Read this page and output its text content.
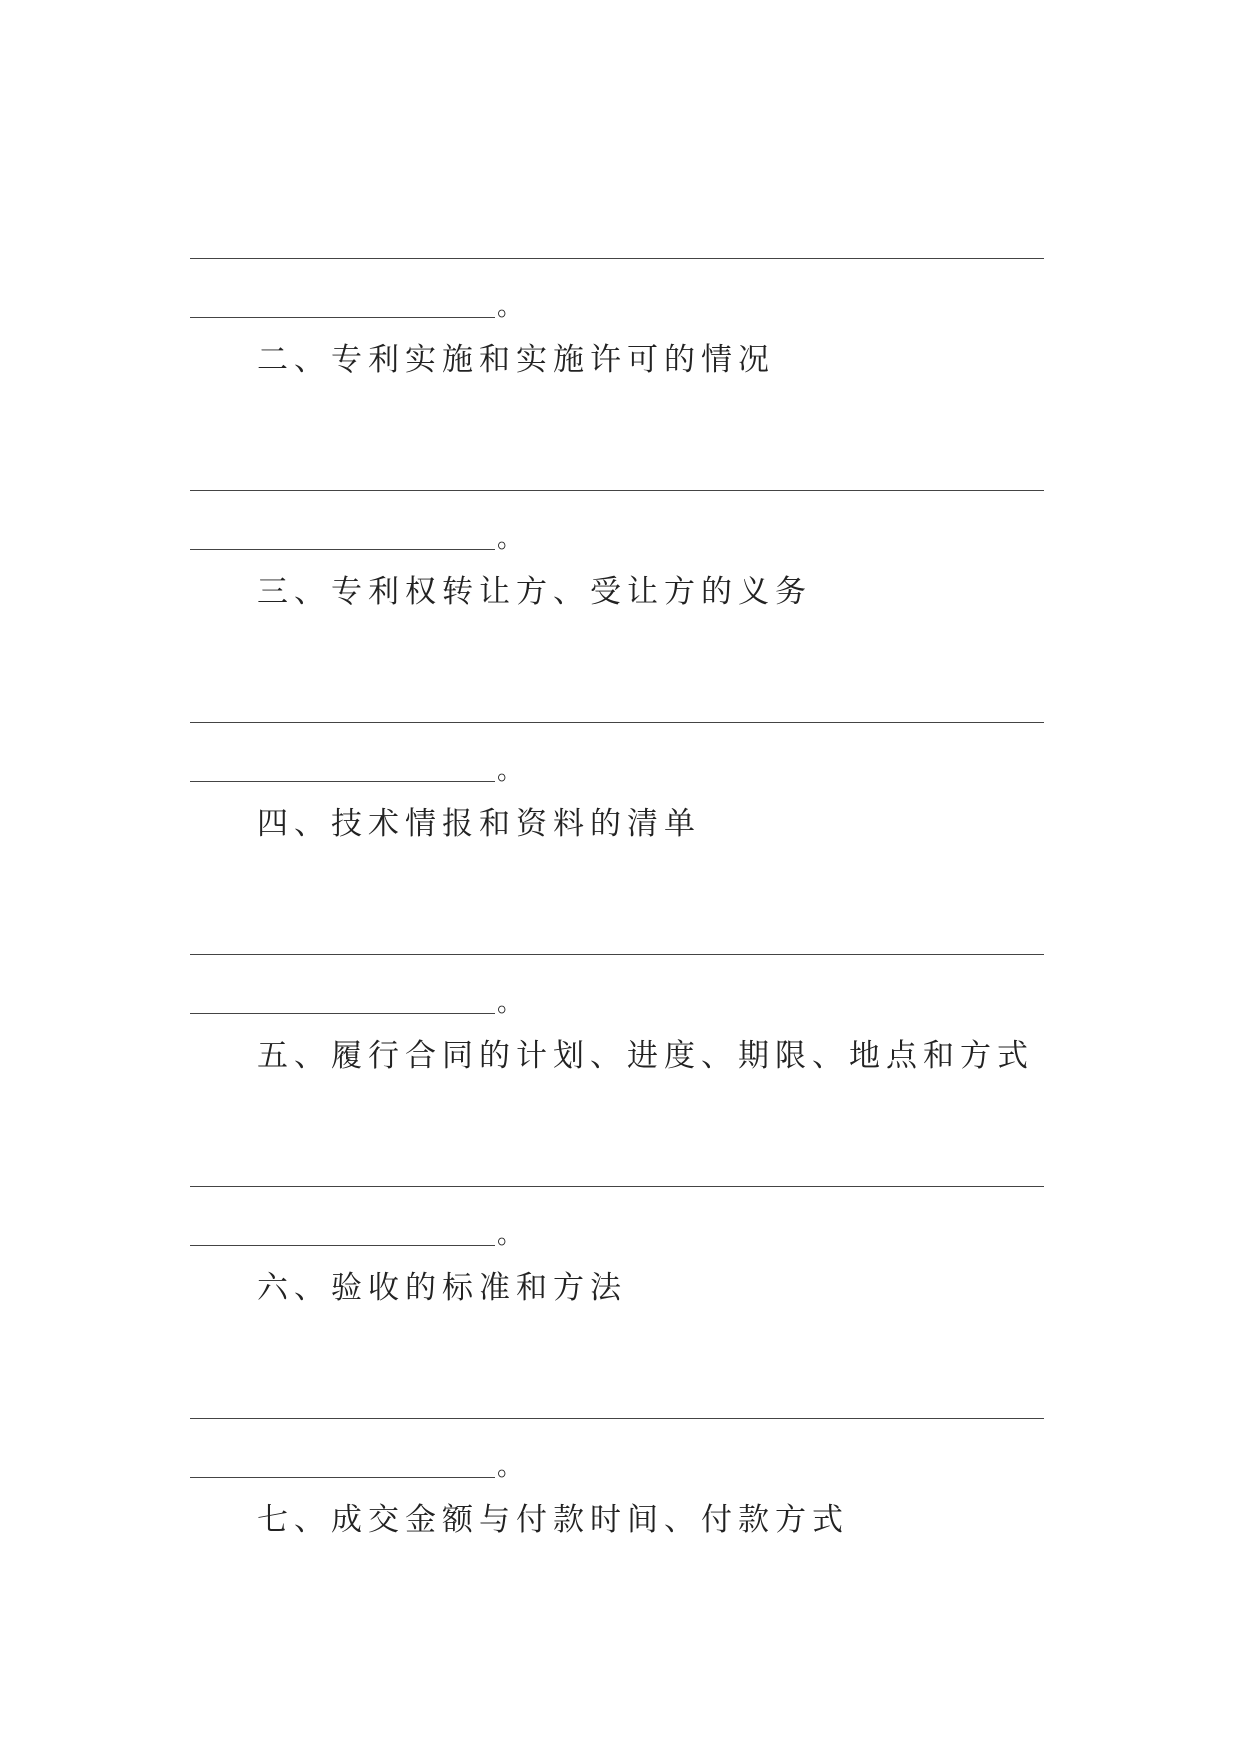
。
二、专利实施和实施许可的情况
。
三、专利权转让方、受让方的义务
。
四、技术情报和资料的清单
。
五、履行合同的计划、进度、期限、地点和方式
。
六、验收的标准和方法
。
七、成交金额与付款时间、付款方式
